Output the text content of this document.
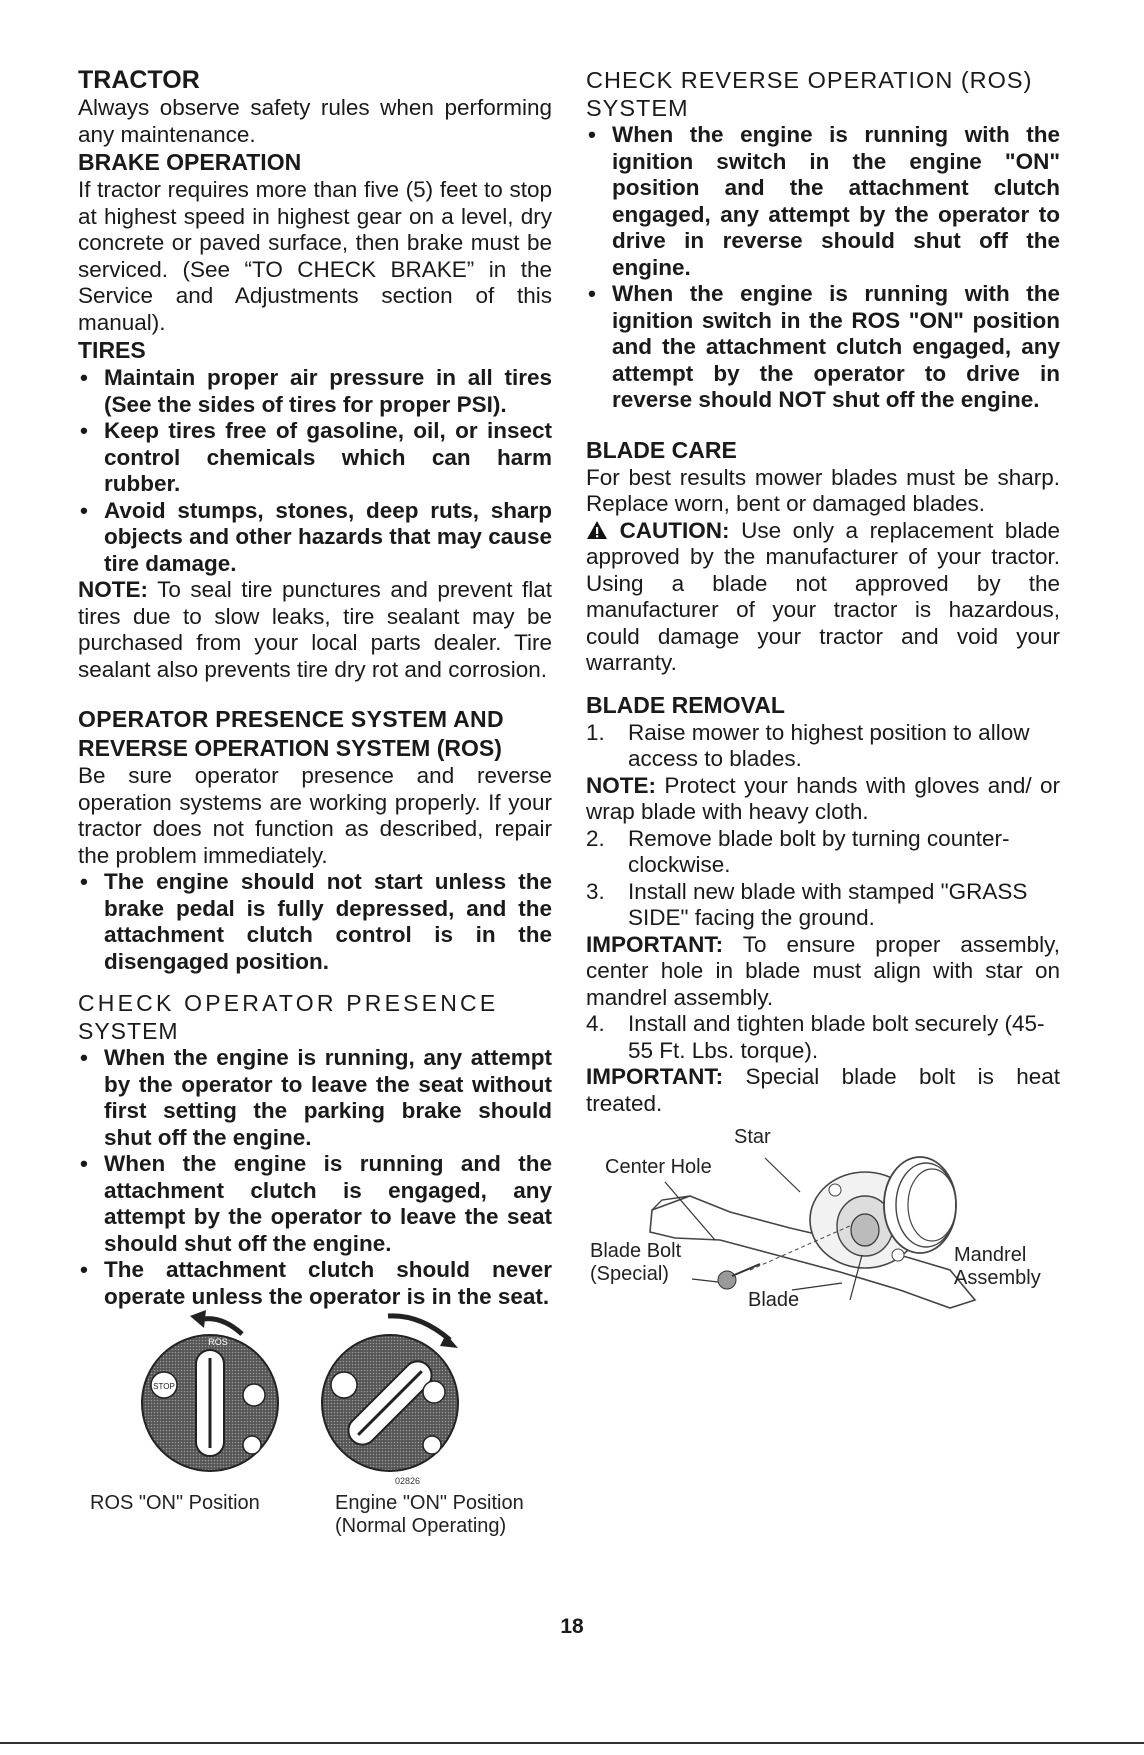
TRACTOR

Always observe safety rules when performing any maintenance.

BRAKE OPERATION

If tractor requires more than five (5) feet to stop at highest speed in highest gear on a level, dry concrete or paved surface, then brake must be serviced. (See “TO CHECK BRAKE” in the Service and Adjustments section of this manual).

TIRES
• Maintain proper air pressure in all tires (See the sides of tires for proper PSI).
• Keep tires free of gasoline, oil, or insect control chemicals which can harm rubber.
• Avoid stumps, stones, deep ruts, sharp objects and other hazards that may cause tire damage.

NOTE: To seal tire punctures and prevent flat tires due to slow leaks, tire sealant may be purchased from your local parts dealer. Tire sealant also prevents tire dry rot and corrosion.

OPERATOR PRESENCE SYSTEM AND
REVERSE OPERATION SYSTEM (ROS)

Be sure operator presence and reverse operation systems are working properly. If your tractor does not function as described, repair the problem immediately.

• The engine should not start unless the brake pedal is fully depressed, and the attachment clutch control is in the disengaged position.
CHECK OPERATOR PRESENCE
SYSTEM
• When the engine is running, any attempt by the operator to leave the seat without first setting the parking brake should shut off the engine.
• When the engine is running and the attachment clutch is engaged, any attempt by the operator to leave the seat should shut off the engine.
• The attachment clutch should never operate unless the operator is in the seat.
CHECK REVERSE OPERATION (ROS)
SYSTEM
• When the engine is running with the ignition switch in the engine "ON" position and the attachment clutch engaged, any attempt by the operator to drive in reverse should shut off the engine.
• When the engine is running with the ignition switch in the ROS "ON" position and the attachment clutch engaged, any attempt by the operator to drive in reverse should NOT shut off the engine.
BLADE CARE

For best results mower blades must be sharp. Replace worn, bent or damaged blades.

CAUTION: Use only a replacement blade approved by the manufacturer of your tractor. Using a blade not approved by the manufacturer of your tractor is hazardous, could damage your tractor and void your warranty.

BLADE REMOVAL
1. Raise mower to highest position to allow access to blades.

NOTE: Protect your hands with gloves and/ or wrap blade with heavy cloth.

2. Remove blade bolt by turning counter-clockwise.
3. Install new blade with stamped "GRASS SIDE" facing the ground.

IMPORTANT: To ensure proper assembly, center hole in blade must align with star on mandrel assembly.

4. Install and tighten blade bolt securely (45-55 Ft. Lbs. torque).

IMPORTANT: Special blade bolt is heat treated.

Star
Center Hole
Blade Bolt
(Special)
Mandrel
Assembly
Blade
STOP
ROS
02826
ROS "ON" Position	Engine "ON" Position
(Normal Operating)
18
